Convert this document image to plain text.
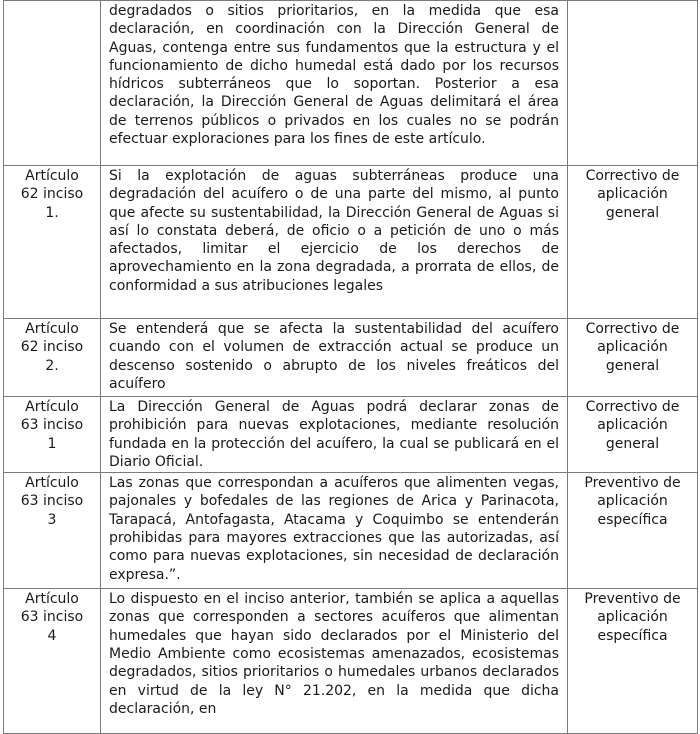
	degradados o sitios prioritarios, en la medida que esa declaración, en coordinación con la Dirección General de Aguas, contenga entre sus fundamentos que la estructura y el funcionamiento de dicho humedal está dado por los recursos hídricos subterráneos que lo soportan. Posterior a esa declaración, la Dirección General de Aguas delimitará el área de terrenos públicos o privados en los cuales no se podrán efectuar exploraciones para los fines de este artículo.	
Artículo 62 inciso 1.	Si la explotación de aguas subterráneas produce una degradación del acuífero o de una parte del mismo, al punto que afecte su sustentabilidad, la Dirección General de Aguas si así lo constata deberá, de oficio o a petición de uno o más afectados, limitar el ejercicio de los derechos de aprovechamiento en la zona degradada, a prorrata de ellos, de conformidad a sus atribuciones legales	Correctivo de aplicación general
Artículo 62 inciso 2.	Se entenderá que se afecta la sustentabilidad del acuífero cuando con el volumen de extracción actual se produce un descenso sostenido o abrupto de los niveles freáticos del acuífero	Correctivo de aplicación general
Artículo 63 inciso 1	La Dirección General de Aguas podrá declarar zonas de prohibición para nuevas explotaciones, mediante resolución fundada en la protección del acuífero, la cual se publicará en el Diario Oficial.	Correctivo de aplicación general
Artículo 63 inciso 3	Las zonas que correspondan a acuíferos que alimenten vegas, pajonales y bofedales de las regiones de Arica y Parinacota, Tarapacá, Antofagasta, Atacama y Coquimbo se entenderán prohibidas para mayores extracciones que las autorizadas, así como para nuevas explotaciones, sin necesidad de declaración expresa.”.	Preventivo de aplicación específica
Artículo 63 inciso 4	Lo dispuesto en el inciso anterior, también se aplica a aquellas zonas que corresponden a sectores acuíferos que alimentan humedales que hayan sido declarados por el Ministerio del Medio Ambiente como ecosistemas amenazados, ecosistemas degradados, sitios prioritarios o humedales urbanos declarados en virtud de la ley N° 21.202, en la medida que dicha declaración, en	Preventivo de aplicación específica
